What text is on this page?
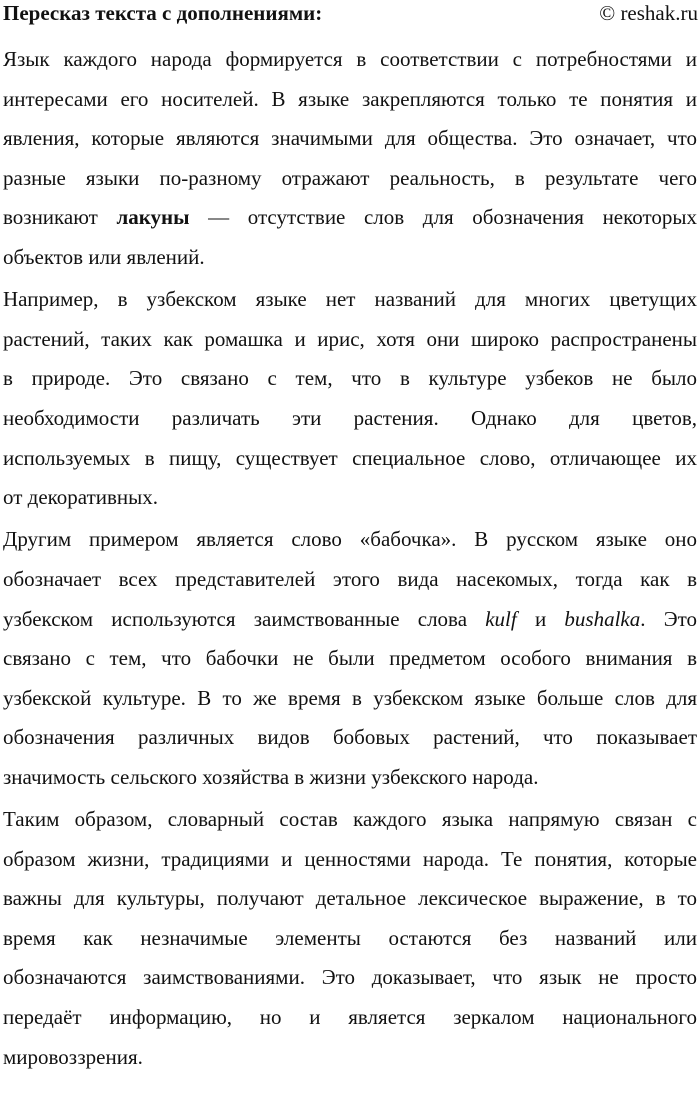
Пересказ текста с дополнениями:	© reshak.ru
Язык каждого народа формируется в соответствии с потребностями и
интересами его носителей. В языке закрепляются только те понятия и
явления, которые являются значимыми для общества. Это означает, что
разные языки по-разному отражают реальность, в результате чего
возникают лакуны — отсутствие слов для обозначения некоторых
объектов или явлений.
Например, в узбекском языке нет названий для многих цветущих
растений, таких как ромашка и ирис, хотя они широко распространены
в природе. Это связано с тем, что в культуре узбеков не было
необходимости различать эти растения. Однако для цветов,
используемых в пищу, существует специальное слово, отличающее их
от декоративных.
Другим примером является слово «бабочка». В русском языке оно
обозначает всех представителей этого вида насекомых, тогда как в
узбекском используются заимствованные слова kulf и bushalka. Это
связано с тем, что бабочки не были предметом особого внимания в
узбекской культуре. В то же время в узбекском языке больше слов для
обозначения различных видов бобовых растений, что показывает
значимость сельского хозяйства в жизни узбекского народа.
Таким образом, словарный состав каждого языка напрямую связан с
образом жизни, традициями и ценностями народа. Те понятия, которые
важны для культуры, получают детальное лексическое выражение, в то
время как незначимые элементы остаются без названий или
обозначаются заимствованиями. Это доказывает, что язык не просто
передаёт информацию, но и является зеркалом национального
мировоззрения.
